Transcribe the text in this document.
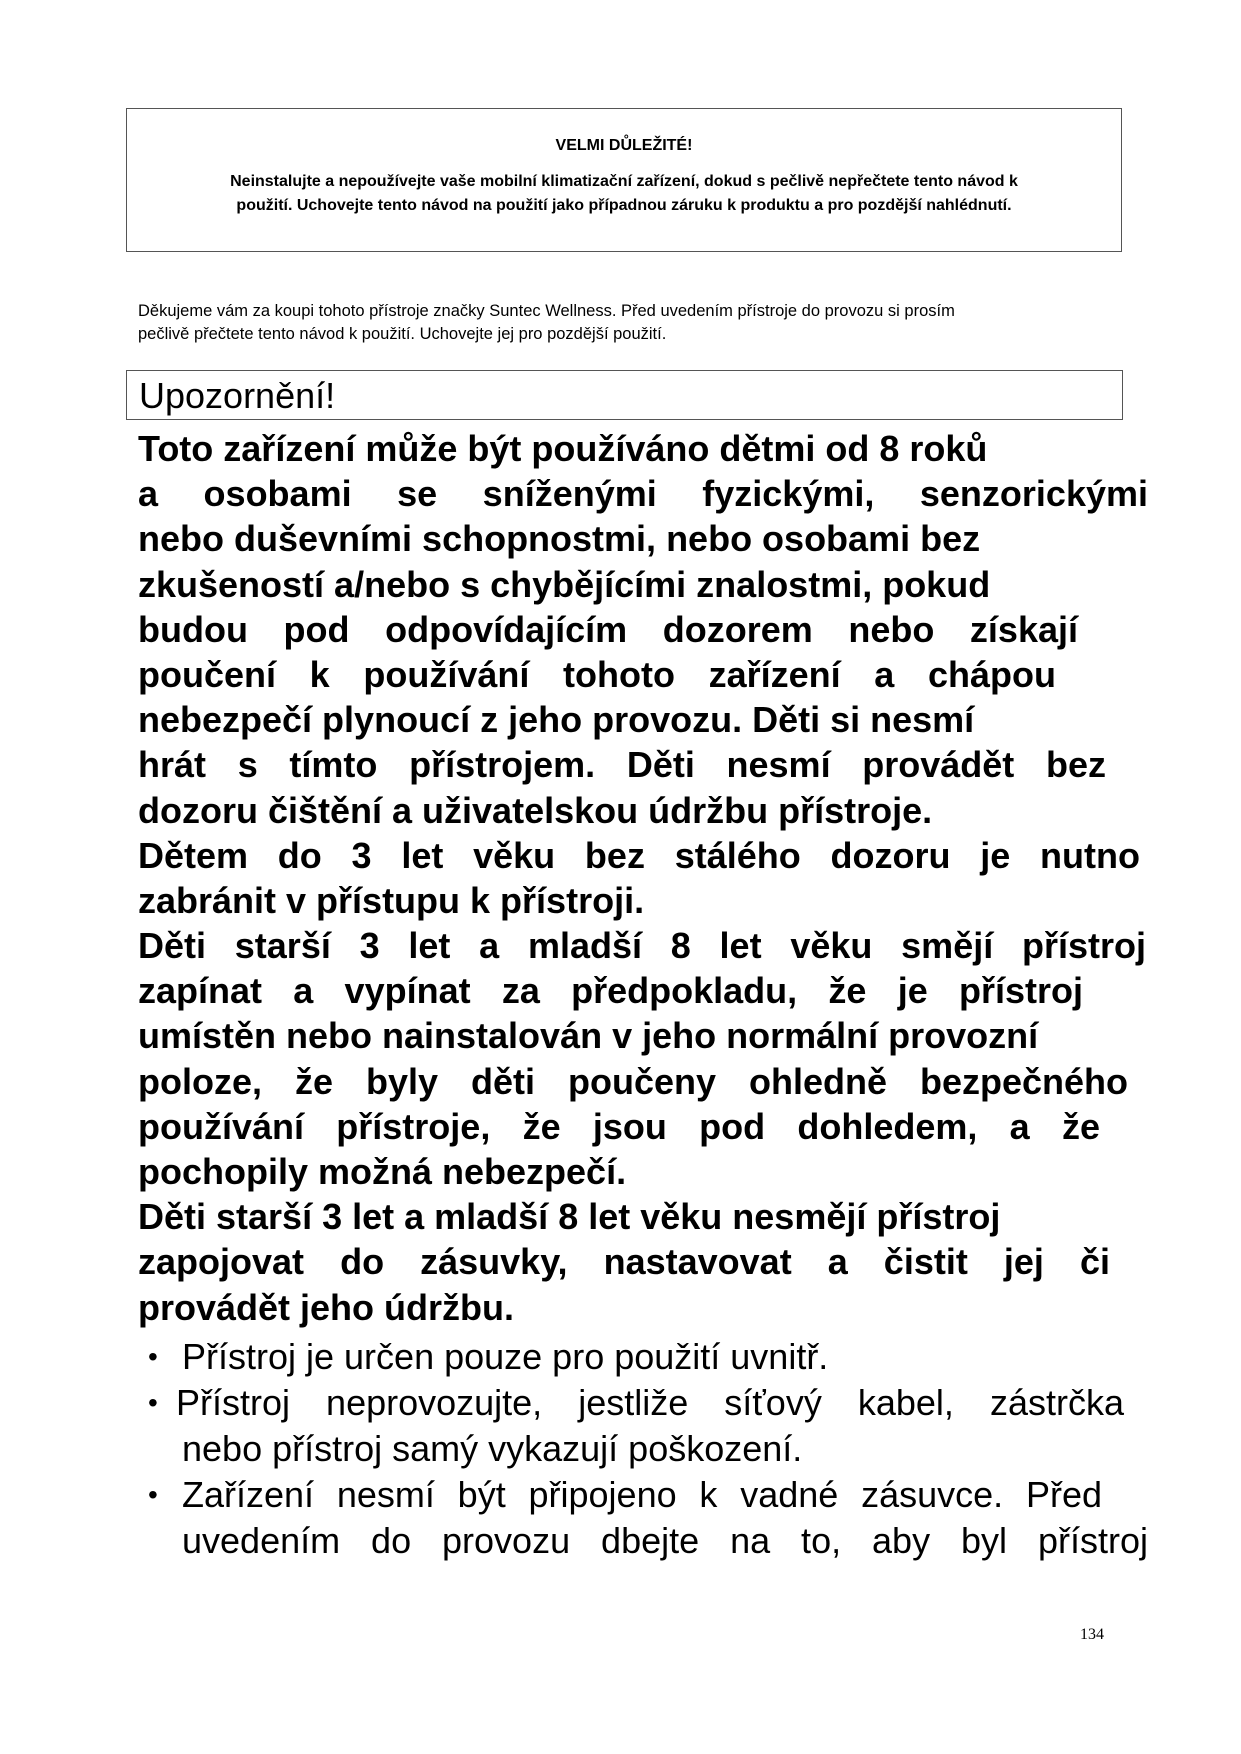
VELMI DŮLEŽITÉ!
Neinstalujte a nepoužívejte vaše mobilní klimatizační zařízení, dokud s pečlivě nepřečtete tento návod k
použití. Uchovejte tento návod na použití jako případnou záruku k produktu a pro pozdější nahlédnutí.
Děkujeme vám za koupi tohoto přístroje značky Suntec Wellness. Před uvedením přístroje do provozu si prosím
pečlivě přečtete tento návod k použití. Uchovejte jej pro pozdější použití.
Upozornění!
Toto zařízení může být používáno dětmi od 8 roků
a osobami se sníženými fyzickými, senzorickými
nebo duševními schopnostmi, nebo osobami bez
zkušeností a/nebo s chybějícími znalostmi, pokud
budou pod odpovídajícím dozorem nebo získají
poučení k používání tohoto zařízení a chápou
nebezpečí plynoucí z jeho provozu. Děti si nesmí
hrát s tímto přístrojem. Děti nesmí provádět bez
dozoru čištění a uživatelskou údržbu přístroje.
Dětem do 3 let věku bez stálého dozoru je nutno
zabránit v přístupu k přístroji.
Děti starší 3 let a mladší 8 let věku smějí přístroj
zapínat a vypínat za předpokladu, že je přístroj
umístěn nebo nainstalován v jeho normální provozní
poloze, že byly děti poučeny ohledně bezpečného
používání přístroje, že jsou pod dohledem, a že
pochopily možná nebezpečí.
Děti starší 3 let a mladší 8 let věku nesmějí přístroj
zapojovat do zásuvky, nastavovat a čistit jej či
provádět jeho údržbu.
• Přístroj je určen pouze pro použití uvnitř.
• Přístroj neprovozujte, jestliže síťový kabel, zástrčka
nebo přístroj samý vykazují poškození.
• Zařízení nesmí být připojeno k vadné zásuvce. Před
uvedením do provozu dbejte na to, aby byl přístroj
134
